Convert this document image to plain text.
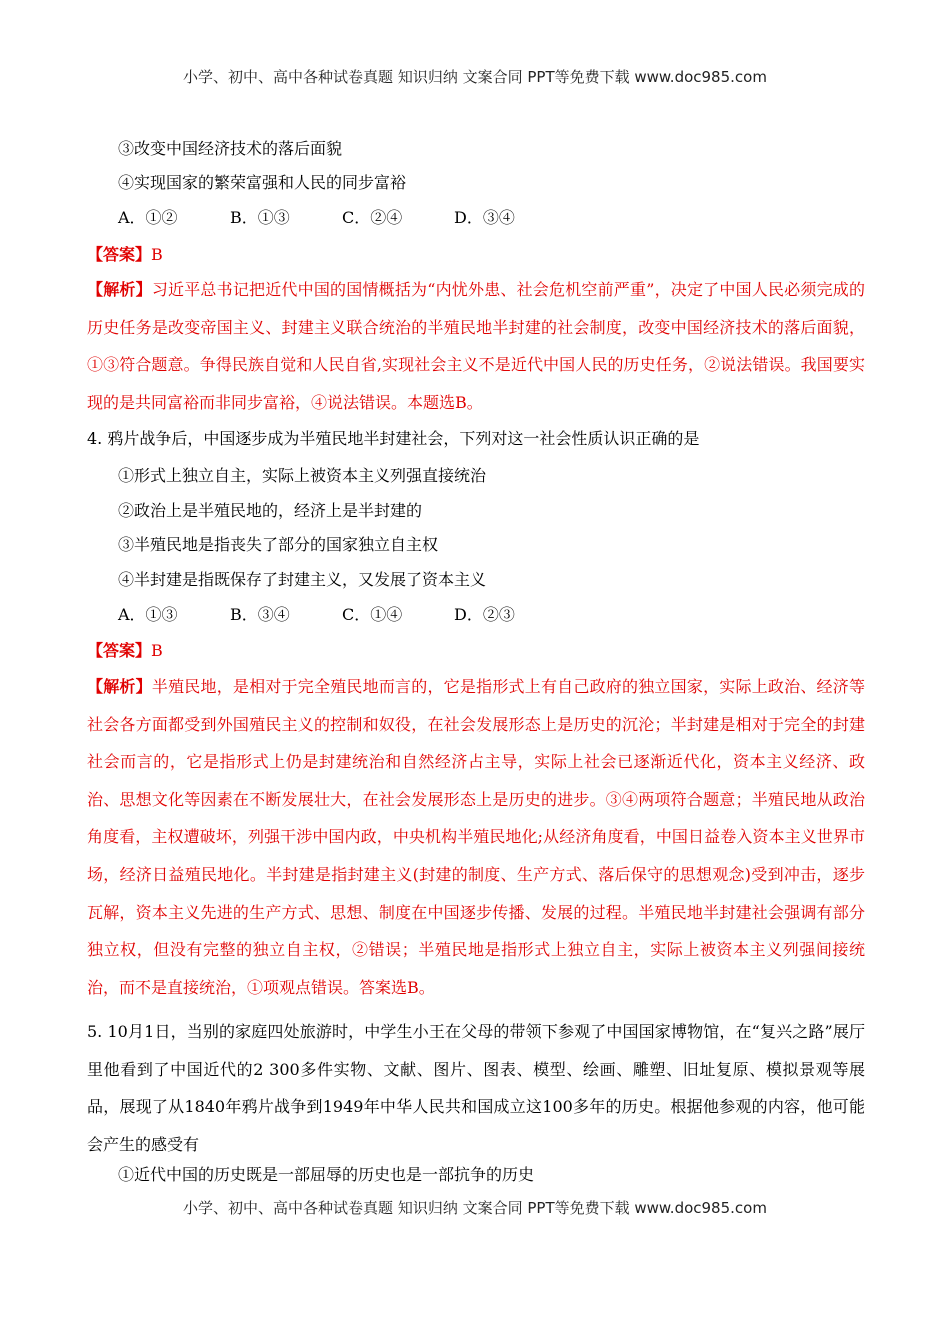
小学、初中、高中各种试卷真题 知识归纳 文案合同 PPT等免费下载 www.doc985.com
③改变中国经济技术的落后面貌
④实现国家的繁荣富强和人民的同步富裕
A．①②	B．①③	C．②④	D．③④
【答案】B

【解析】习近平总书记把近代中国的国情概括为“内忧外患、社会危机空前严重”，决定了中国人民必须完成的历史任务是改变帝国主义、封建主义联合统治的半殖民地半封建的社会制度，改变中国经济技术的落后面貌，①③符合题意。争得民族自觉和人民自省,实现社会主义不是近代中国人民的历史任务，②说法错误。我国要实现的是共同富裕而非同步富裕，④说法错误。本题选B。

4. 鸦片战争后，中国逐步成为半殖民地半封建社会，下列对这一社会性质认识正确的是
①形式上独立自主，实际上被资本主义列强直接统治
②政治上是半殖民地的，经济上是半封建的
③半殖民地是指丧失了部分的国家独立自主权
④半封建是指既保存了封建主义，又发展了资本主义
A．①③	B．③④	C．①④	D．②③
【答案】B

【解析】半殖民地，是相对于完全殖民地而言的，它是指形式上有自己政府的独立国家，实际上政治、经济等社会各方面都受到外国殖民主义的控制和奴役，在社会发展形态上是历史的沉沦；半封建是相对于完全的封建社会而言的，它是指形式上仍是封建统治和自然经济占主导，实际上社会已逐渐近代化，资本主义经济、政治、思想文化等因素在不断发展壮大，在社会发展形态上是历史的进步。③④两项符合题意；半殖民地从政治角度看，主权遭破坏，列强干涉中国内政，中央机构半殖民地化;从经济角度看，中国日益卷入资本主义世界市场，经济日益殖民地化。半封建是指封建主义(封建的制度、生产方式、落后保守的思想观念)受到冲击，逐步瓦解，资本主义先进的生产方式、思想、制度在中国逐步传播、发展的过程。半殖民地半封建社会强调有部分独立权，但没有完整的独立自主权，②错误；半殖民地是指形式上独立自主，实际上被资本主义列强间接统治，而不是直接统治，①项观点错误。答案选B。

5. 10月1日，当别的家庭四处旅游时，中学生小王在父母的带领下参观了中国国家博物馆，在“复兴之路”展厅里他看到了中国近代的2 300多件实物、文献、图片、图表、模型、绘画、雕塑、旧址复原、模拟景观等展品，展现了从1840年鸦片战争到1949年中华人民共和国成立这100多年的历史。根据他参观的内容，他可能会产生的感受有

①近代中国的历史既是一部屈辱的历史也是一部抗争的历史
小学、初中、高中各种试卷真题 知识归纳 文案合同 PPT等免费下载 www.doc985.com
